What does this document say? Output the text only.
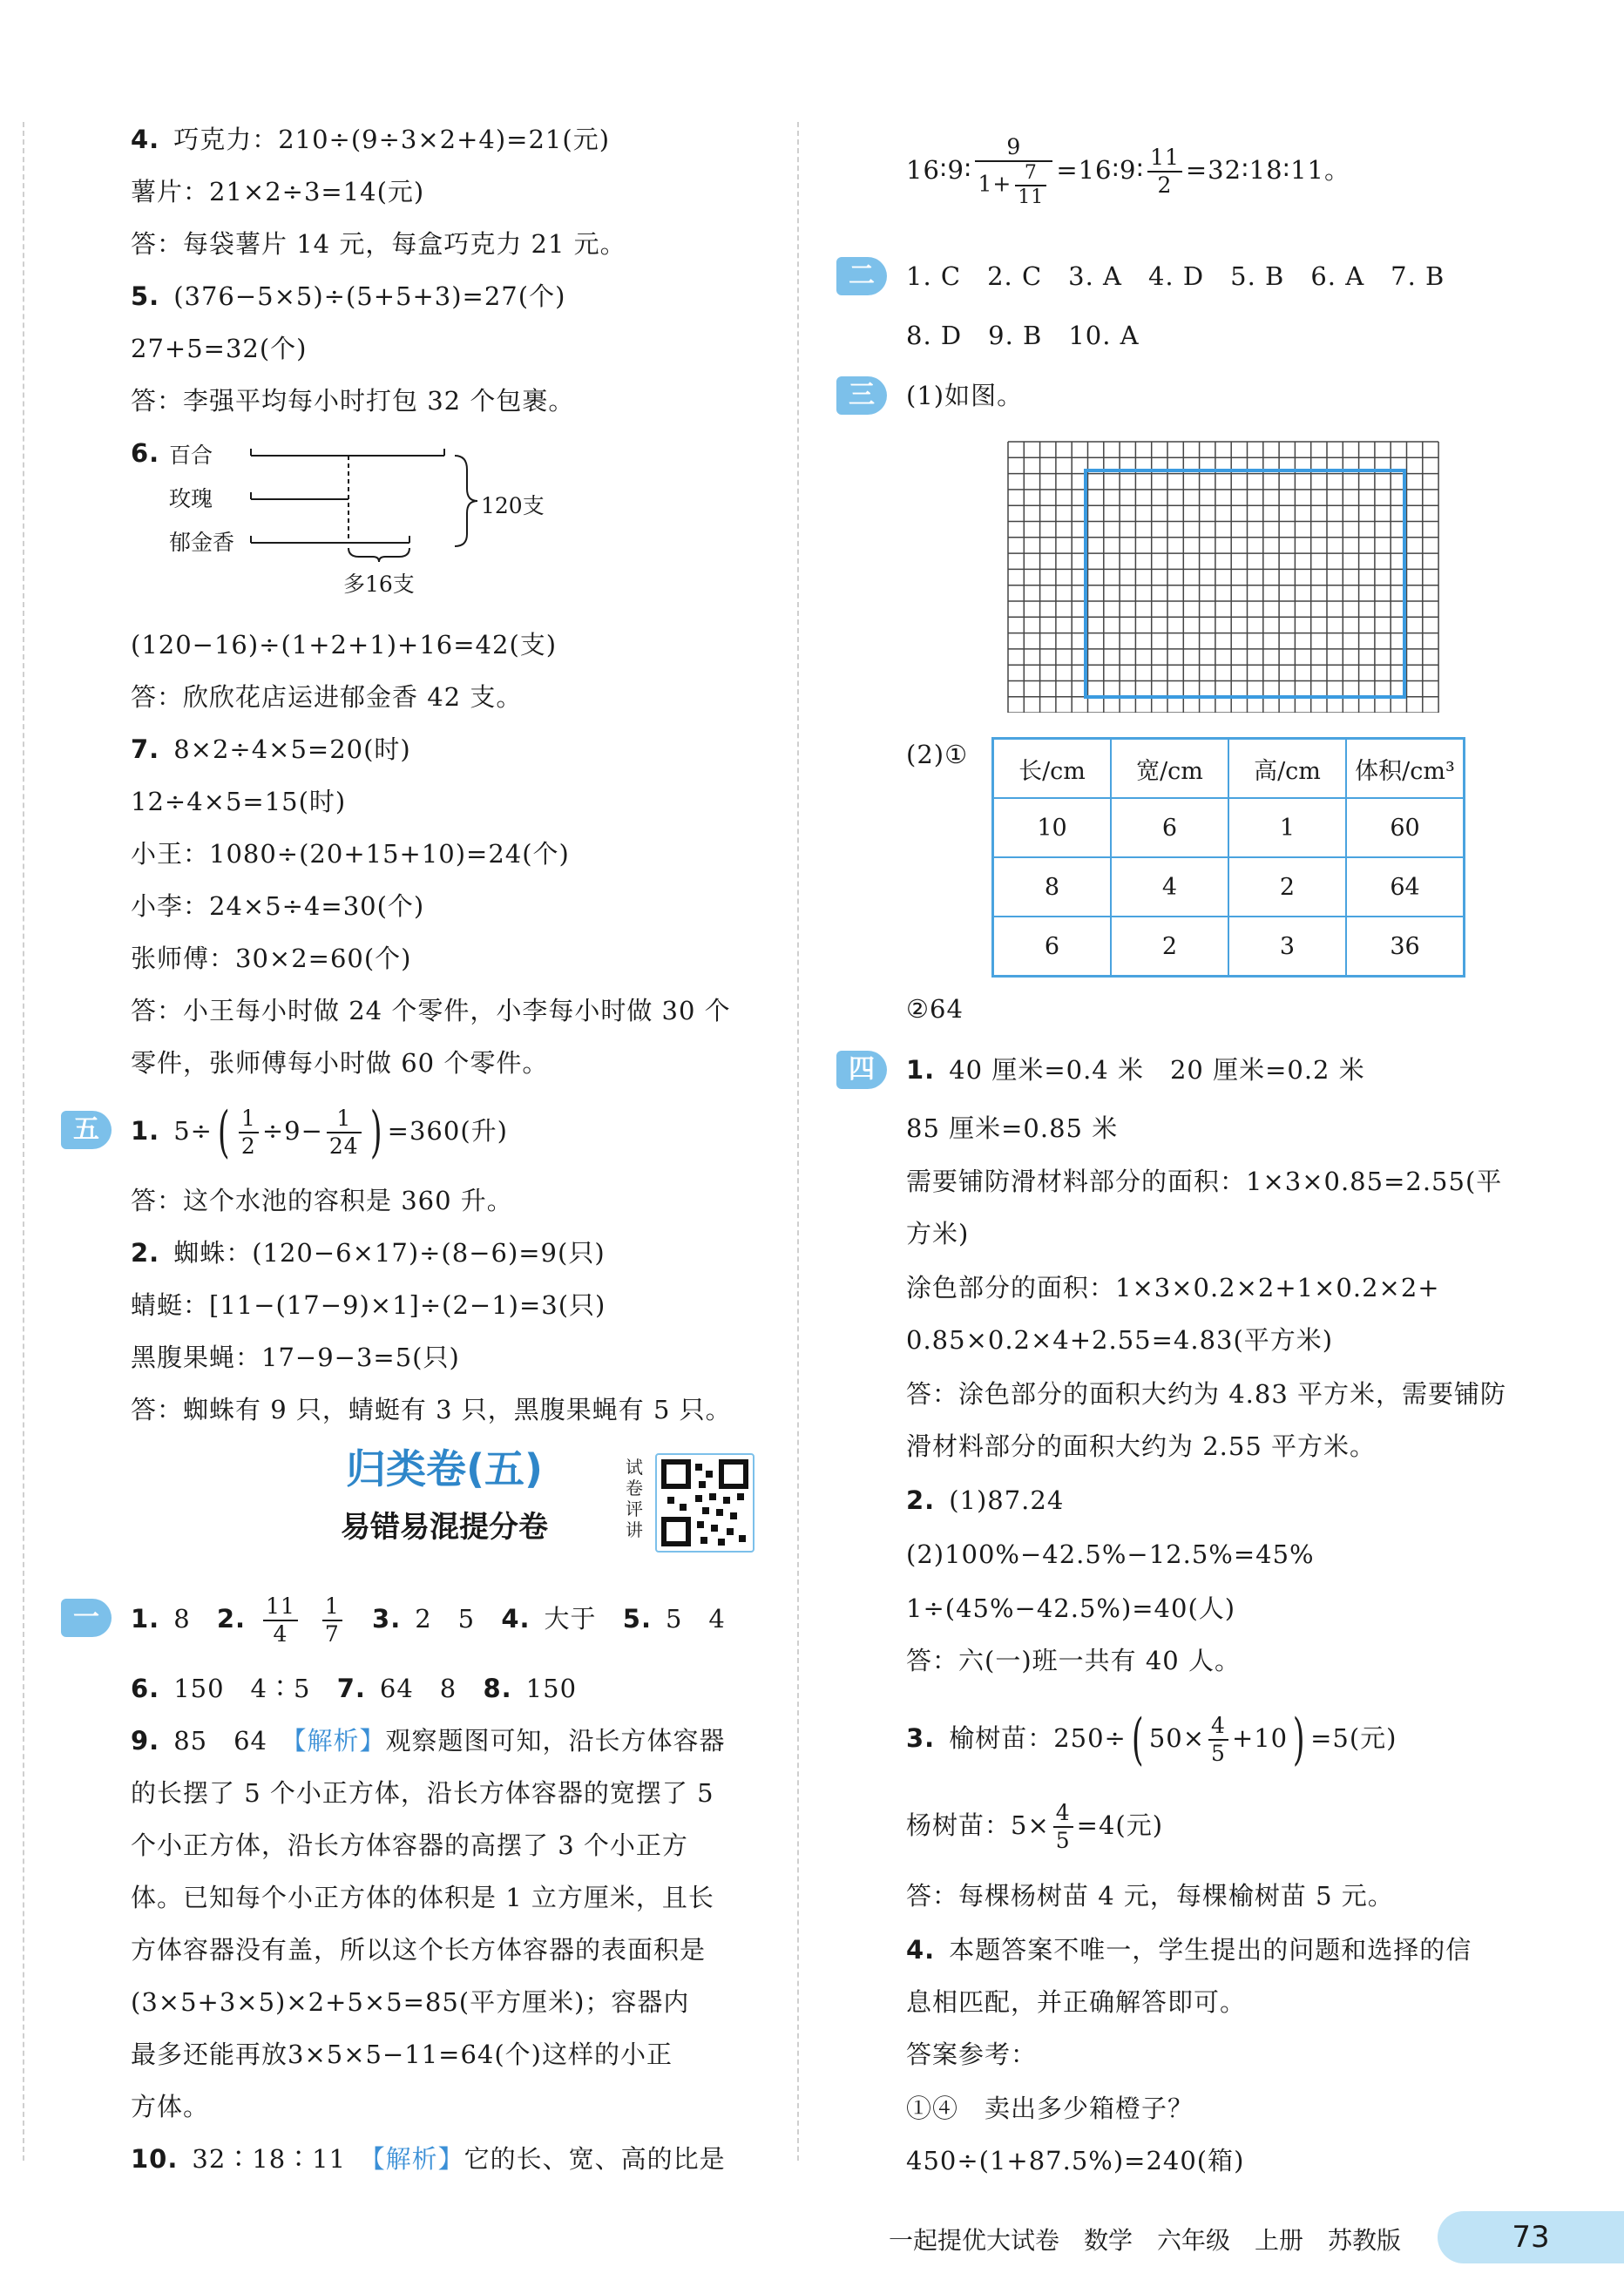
4. 巧克力：210÷(9÷3×2+4)=21(元)
薯片：21×2÷3=14(元)
答：每袋薯片 14 元，每盒巧克力 21 元。
5. (376−5×5)÷(5+5+3)=27(个)
27+5=32(个)
答：李强平均每小时打包 32 个包裹。
6. 百合
玫瑰
郁金香
120支
多16支
(120−16)÷(1+2+1)+16=42(支)
答：欣欣花店运进郁金香 42 支。
7. 8×2÷4×5=20(时)
12÷4×5=15(时)
小王：1080÷(20+15+10)=24(个)
小李：24×5÷4=30(个)
张师傅：30×2=60(个)
答：小王每小时做 24 个零件，小李每小时做 30 个
零件，张师傅每小时做 60 个零件。
五	1. $5\div( \frac{1}{2} \div 9- \frac{1}{24}$ ) =360(升)
答：这个水池的容积是 360 升。
2. 蜘蛛：(120−6×17)÷(8−6)=9(只)
蜻蜓：[11−(17−9)×1]÷(2−1)=3(只)
黑腹果蝇：17−9−3=5(只)
答：蜘蛛有 9 只，蜻蜓有 3 只，黑腹果蝇有 5 只。
归类卷(五)
易错易混提分卷
试卷评讲
一	1. 8 2. $\frac{11}{4} \frac{1}{7} 3$. 2　5 4. 大于 5. 5　4
6. 150　4∶5 7. 64　8 8. 150
9. 85　64　 【解析】观察题图可知，沿长方体容器
的长摆了 5 个小正方体，沿长方体容器的宽摆了 5
个小正方体，沿长方体容器的高摆了 3 个小正方
体。已知每个小正方体的体积是 1 立方厘米，且长
方体容器没有盖，所以这个长方体容器的表面积是
(3×5+3×5)×2+5×5=85(平方厘米)；容器内
最多还能再放3×5×5−11=64(个)这样的小正
方体。
10. 32∶18∶11　 【解析】它的长、宽、高的比是
16∶9∶ $\frac{9}{1+ \frac{7}{11}}$ =16∶9∶ $\frac{11}{2}$ =32∶18∶11。
二	1. C　2. C　3. A　4. D　5. B　6. A　7. B
8. D　9. B　10. A
三	(1)如图。
(2)①
长/cm	宽/cm	高/cm	体积/cm³
10	6	1	60
8	4	2	64
6	2	3	36
②64
四	1. 40 厘米=0.4 米　20 厘米=0.2 米
85 厘米=0.85 米
需要铺防滑材料部分的面积：1×3×0.85=2.55(平
方米)
涂色部分的面积：1×3×0.2×2+1×0.2×2+
0.85×0.2×4+2.55=4.83(平方米)
答：涂色部分的面积大约为 4.83 平方米，需要铺防
滑材料部分的面积大约为 2.55 平方米。
2. (1)87.24
(2)100%−42.5%−12.5%=45%
1÷(45%−42.5%)=40(人)
答：六(一)班一共有 40 人。
3. 榆树苗：250÷( $50\times \frac{4}{5} +10) =5$(元)
杨树苗：$5\times \frac{4}{5} =4$(元)
答：每棵杨树苗 4 元，每棵榆树苗 5 元。
4. 本题答案不唯一，学生提出的问题和选择的信
息相匹配，并正确解答即可。
答案参考：
①④　卖出多少箱橙子？
450÷(1+87.5%)=240(箱)
一起提优大试卷　数学　六年级　上册　苏教版	73
